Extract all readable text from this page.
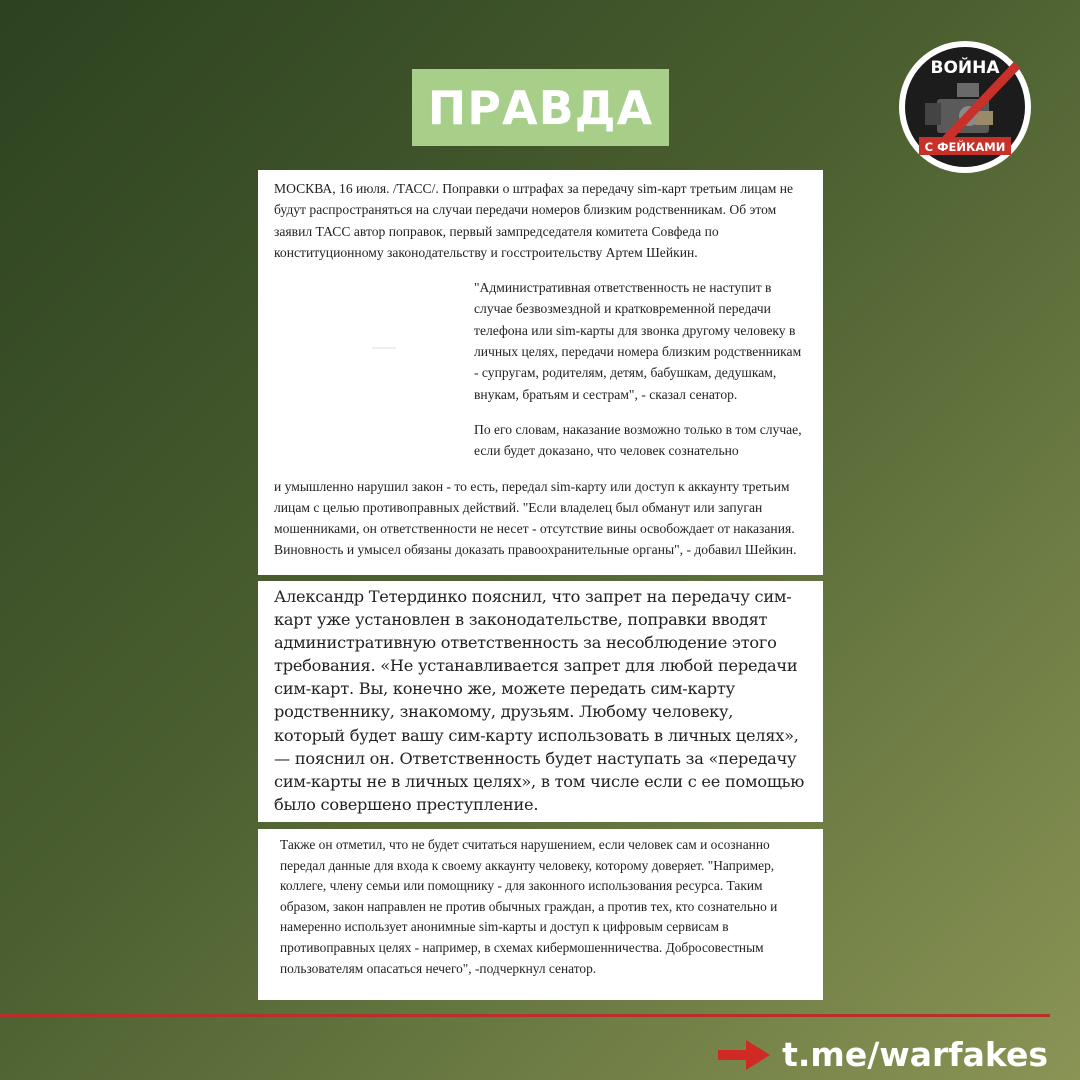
ПРАВДА
ВОЙНА
С ФЕЙКАМИ

МОСКВА, 16 июля. /ТАСС/. Поправки о штрафах за передачу sim-карт третьим лицам не будут распространяться на случаи передачи номеров близким родственникам. Об этом заявил ТАСС автор поправок, первый зампредседателя комитета Совфеда по конституционному законодательству и госстроительству Артем Шейкин.

"Административная ответственность не наступит в случае безвозмездной и кратковременной передачи телефона или sim-карты для звонка другому человеку в личных целях, передачи номера близким родственникам - супругам, родителям, детям, бабушкам, дедушкам, внукам, братьям и сестрам", - сказал сенатор.

По его словам, наказание возможно только в том случае, если будет доказано, что человек сознательно

и умышленно нарушил закон - то есть, передал sim-карту или доступ к аккаунту третьим лицам с целью противоправных действий. "Если владелец был обманут или запуган мошенниками, он ответственности не несет - отсутствие вины освобождает от наказания. Виновность и умысел обязаны доказать правоохранительные органы", - добавил Шейкин.

Александр Тетердинко пояснил, что запрет на передачу сим-карт уже установлен в законодательстве, поправки вводят административную ответственность за несоблюдение этого требования. «Не устанавливается запрет для любой передачи сим-карт. Вы, конечно же, можете передать сим-карту родственнику, знакомому, друзьям. Любому человеку, который будет вашу сим-карту использовать в личных целях», — пояснил он. Ответственность будет наступать за «передачу сим-карты не в личных целях», в том числе если с ее помощью было совершено преступление.

Также он отметил, что не будет считаться нарушением, если человек сам и осознанно передал данные для входа к своему аккаунту человеку, которому доверяет. "Например, коллеге, члену семьи или помощнику - для законного использования ресурса. Таким образом, закон направлен не против обычных граждан, а против тех, кто сознательно и намеренно использует анонимные sim-карты и доступ к цифровым сервисам в противоправных целях - например, в схемах кибермошенничества. Добросовестным пользователям опасаться нечего", -подчеркнул сенатор.

t.me/warfakes
